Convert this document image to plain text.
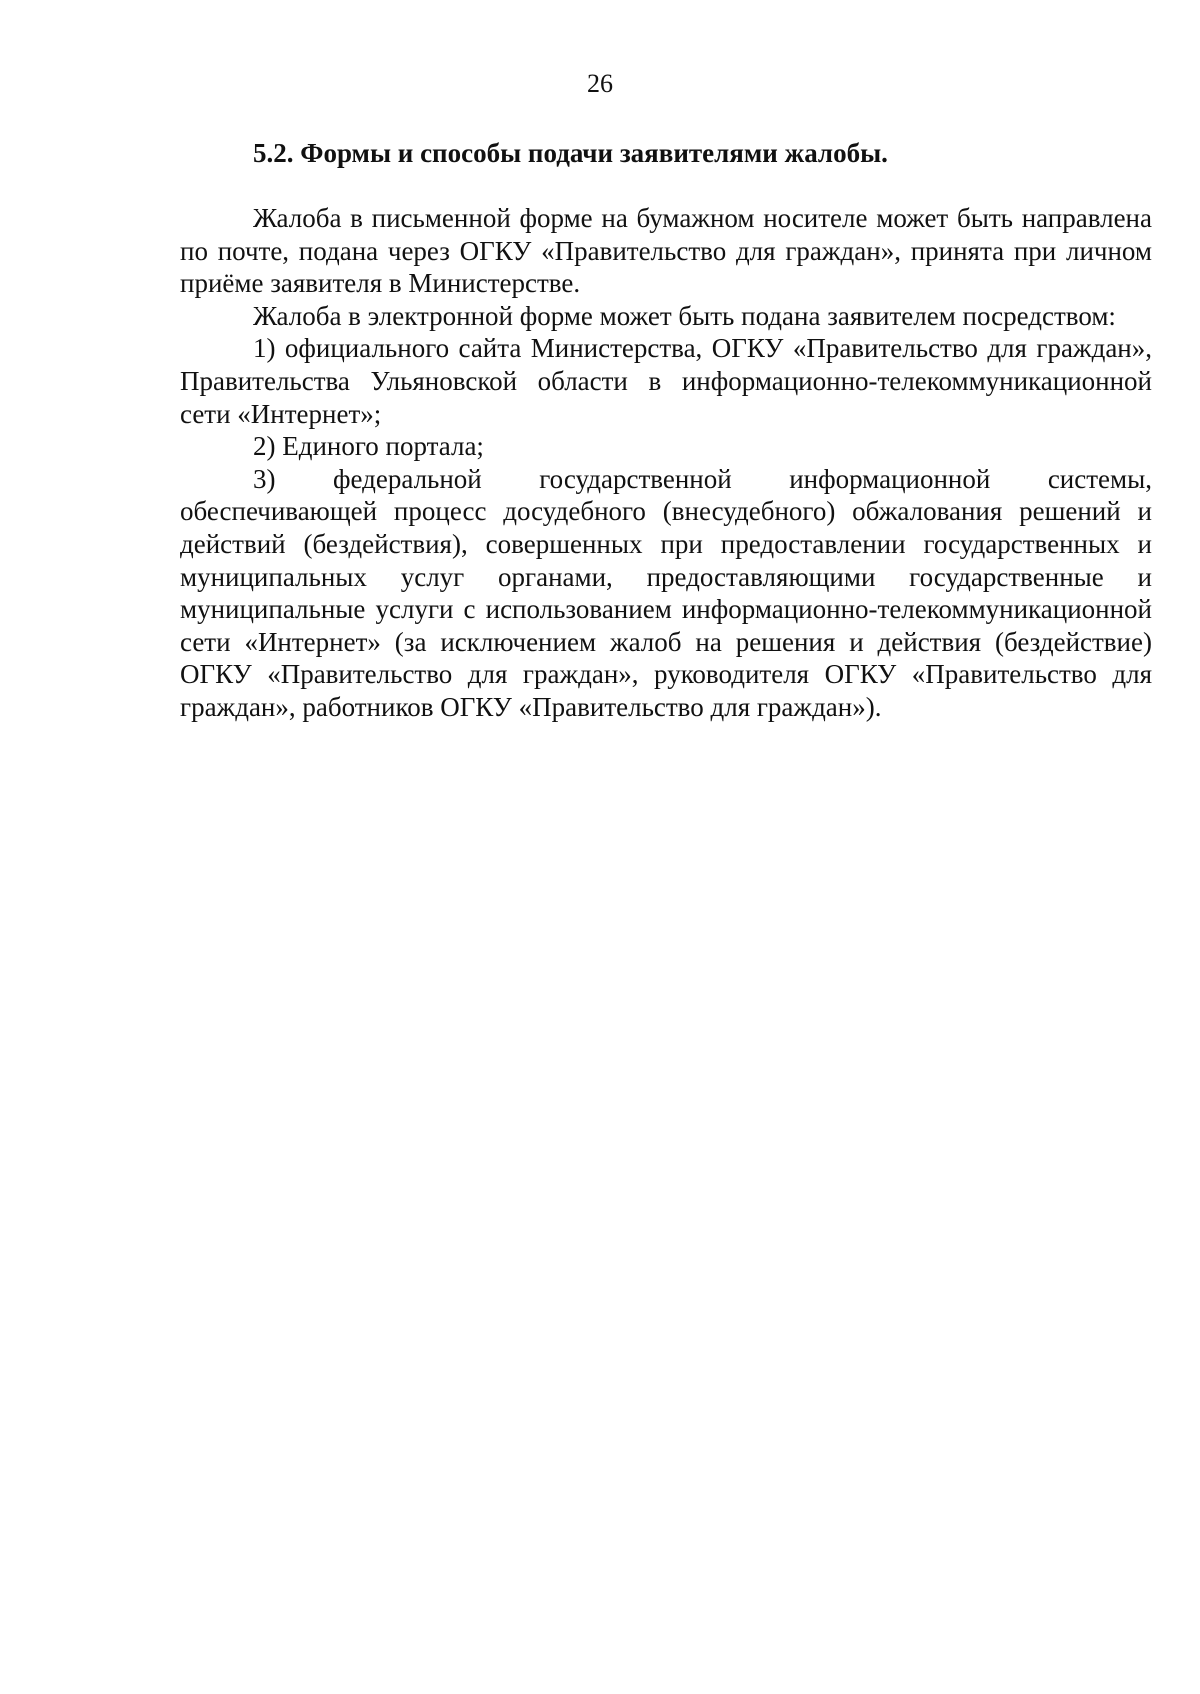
26
5.2. Формы и способы подачи заявителями жалобы.

Жалоба в письменной форме на бумажном носителе может быть направлена по почте, подана через ОГКУ «Правительство для граждан», принята при личном приёме заявителя в Министерстве.

Жалоба в электронной форме может быть подана заявителем посредством:

1) официального сайта Министерства, ОГКУ «Правительство для граждан», Правительства Ульяновской области в информационно-телекоммуникационной сети «Интернет»;

2) Единого портала;

3) федеральной государственной информационной системы, обеспечивающей процесс досудебного (внесудебного) обжалования решений и действий (бездействия), совершенных при предоставлении государственных и муниципальных услуг органами, предоставляющими государственные и муниципальные услуги с использованием информационно-телекоммуникационной сети «Интернет» (за исключением жалоб на решения и действия (бездействие) ОГКУ «Правительство для граждан», руководителя ОГКУ «Правительство для граждан», работников ОГКУ «Правительство для граждан»).
